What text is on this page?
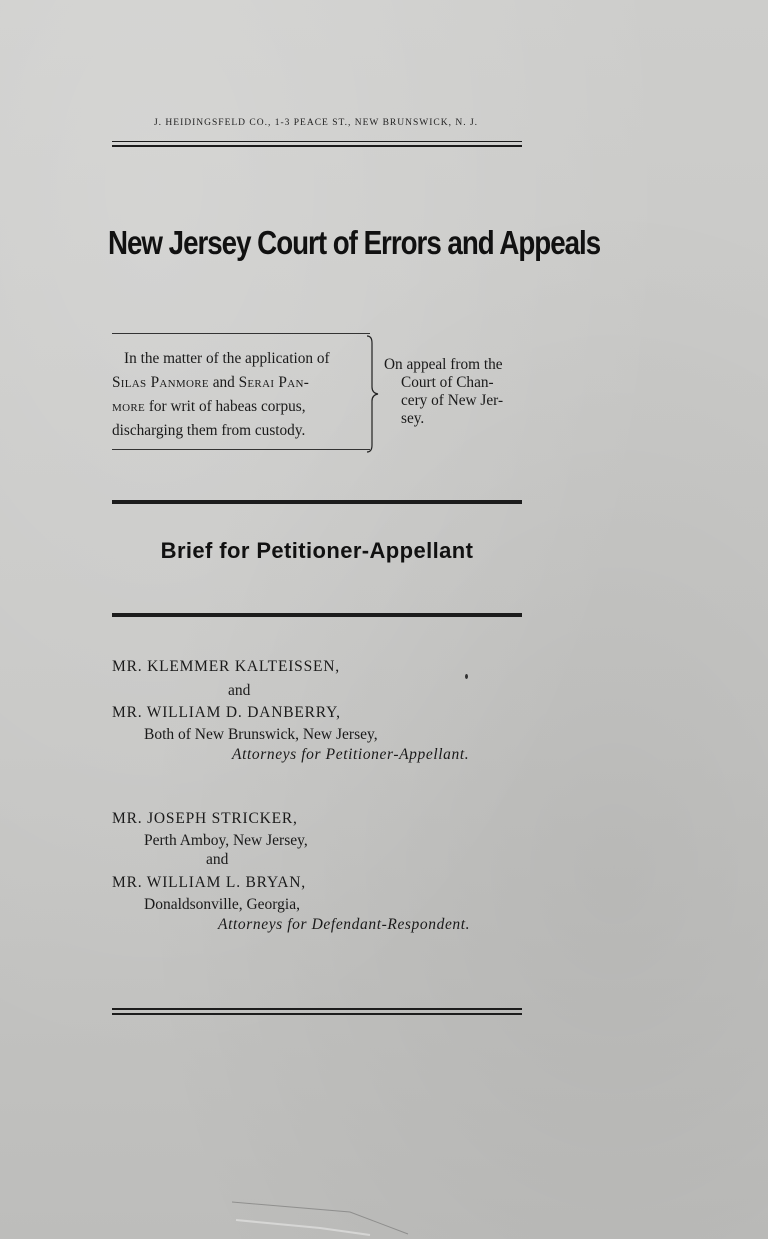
J. HEIDINGSFELD CO., 1-3 PEACE ST., NEW BRUNSWICK, N. J.
New Jersey Court of Errors and Appeals
In the matter of the application of
Silas Panmore and Serai Pan-
more for writ of habeas corpus,
discharging them from custody.
On appeal from the
Court of Chan-
cery of New Jer-
sey.
Brief for Petitioner-Appellant
MR. KLEMMER KALTEISSEN,
and
MR. WILLIAM D. DANBERRY,
Both of New Brunswick, New Jersey,
Attorneys for Petitioner-Appellant.
MR. JOSEPH STRICKER,
Perth Amboy, New Jersey,
and
MR. WILLIAM L. BRYAN,
Donaldsonville, Georgia,
Attorneys for Defendant-Respondent.
